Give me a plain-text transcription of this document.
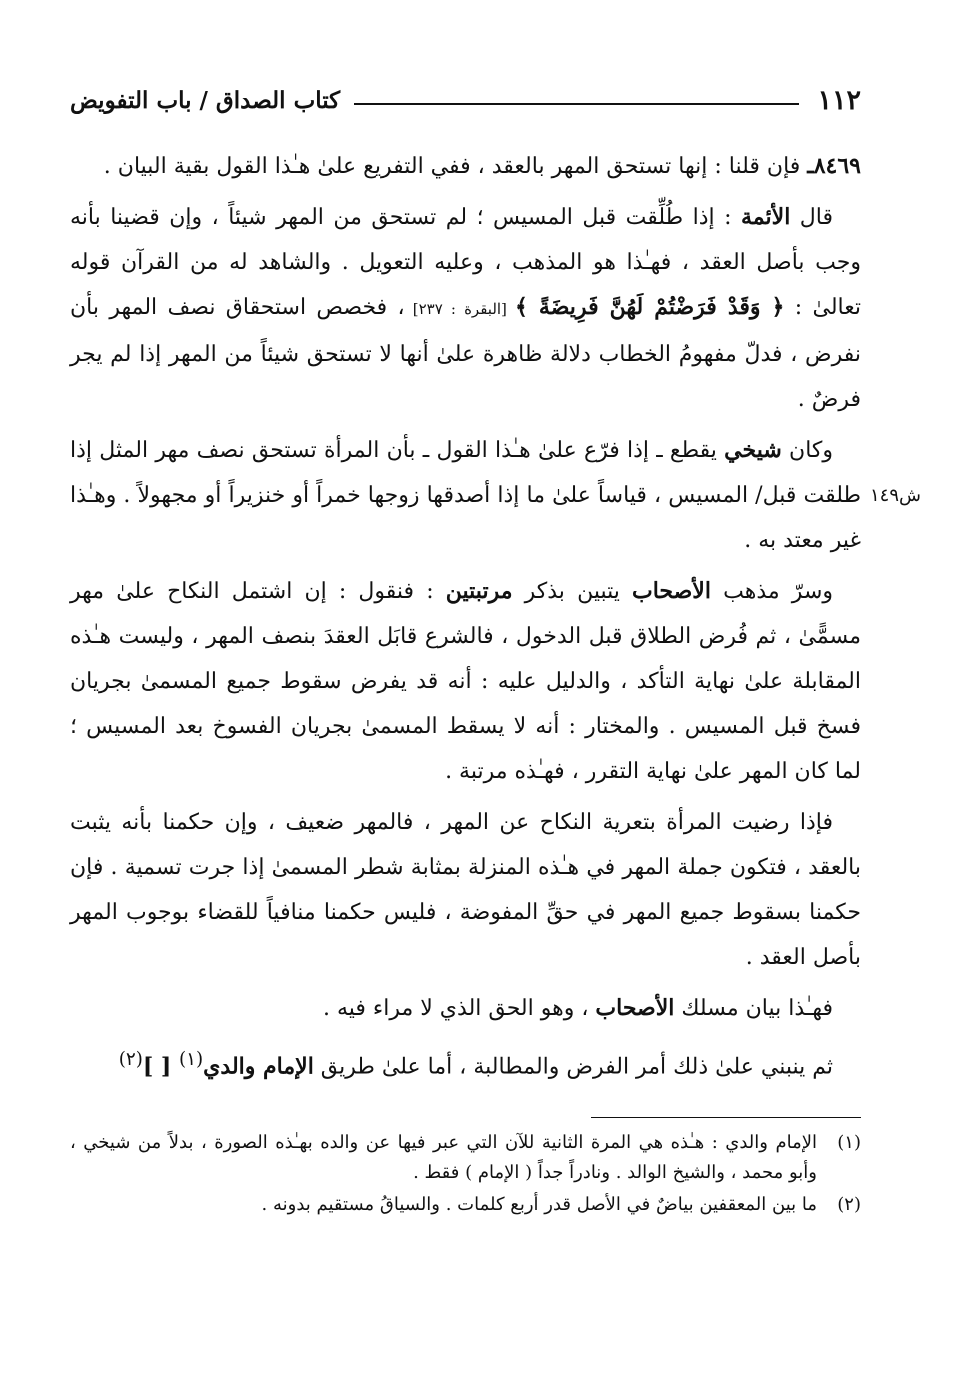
١١٢
كتاب الصداق / باب التفويض

٨٤٦٩ـ فإن قلنا : إنها تستحق المهر بالعقد ، ففي التفريع علىٰ هـٰذا القول بقية البيان .

قال الأئمة : إذا طُلِّقت قبل المسيس ؛ لم تستحق من المهر شيئاً ، وإن قضينا بأنه وجب بأصل العقد ، فهـٰذا هو المذهب ، وعليه التعويل . والشاهد له من القرآن قوله تعالىٰ : ﴿ وَقَدْ فَرَضْتُمْ لَهُنَّ فَرِيضَةً ﴾ [البقرة : ٢٣٧] ، فخصص استحقاق نصف المهر بأن نفرض ، فدلّ مفهومُ الخطاب دلالة ظاهرة علىٰ أنها لا تستحق شيئاً من المهر إذا لم يجر فرضٌ .

ش١٤٩
وكان شيخي يقطع ـ إذا فرّع علىٰ هـٰذا القول ـ بأن المرأة تستحق نصف مهر المثل إذا طلقت قبل/ المسيس ، قياساً علىٰ ما إذا أصدقها زوجها خمراً أو خنزيراً أو مجهولاً . وهـٰذا غير معتد به .

وسرّ مذهب الأصحاب يتبين بذكر مرتبتين : فنقول : إن اشتمل النكاح علىٰ مهر مسمًّىٰ ، ثم فُرض الطلاق قبل الدخول ، فالشرع قابَل العقدَ بنصف المهر ، وليست هـٰذه المقابلة علىٰ نهاية التأكد ، والدليل عليه : أنه قد يفرض سقوط جميع المسمىٰ بجريان فسخ قبل المسيس . والمختار : أنه لا يسقط المسمىٰ بجريان الفسوخ بعد المسيس ؛ لما كان المهر علىٰ نهاية التقرر ، فهـٰذه مرتبة .

فإذا رضيت المرأة بتعرية النكاح عن المهر ، فالمهر ضعيف ، وإن حكمنا بأنه يثبت بالعقد ، فتكون جملة المهر في هـٰذه المنزلة بمثابة شطر المسمىٰ إذا جرت تسمية . فإن حكمنا بسقوط جميع المهر في حقِّ المفوضة ، فليس حكمنا منافياً للقضاء بوجوب المهر بأصل العقد .

فهـٰذا بيان مسلك الأصحاب ، وهو الحق الذي لا مراء فيه .

ثم ينبني علىٰ ذلك أمر الفرض والمطالبة ، أما علىٰ طريق الإمام والدي$^{(١)}$ [ ]$^{(٢)}$

(١)
الإمام والدي : هـٰذه هي المرة الثانية للآن التي عبر فيها عن والده بهـٰذه الصورة ، بدلاً من شيخي ، وأبو محمد ، والشيخ الوالد . ونادراً جداً ( الإمام ) فقط .
(٢)
ما بين المعقفين بياضٌ في الأصل قدر أربع كلمات . والسياقُ مستقيم بدونه .
